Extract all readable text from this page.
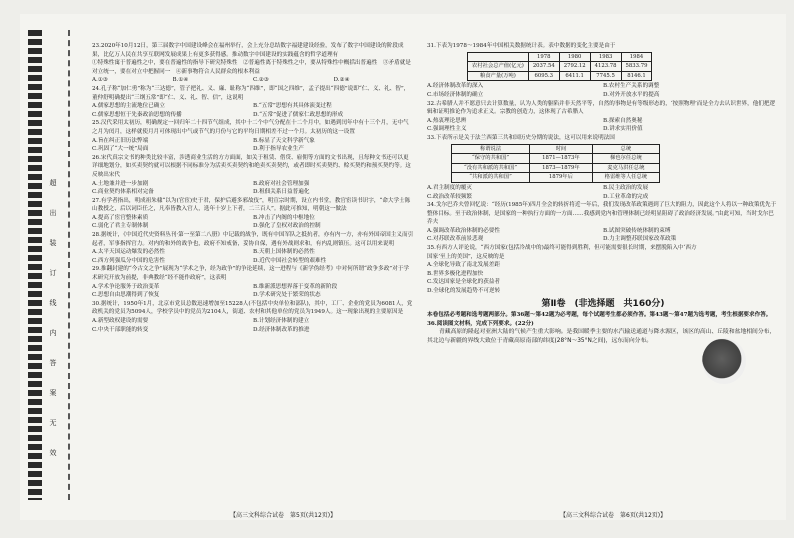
超
出
装
订
线
内
答
案
无
效
23.2020年10月12日，第三届数字中国建设峰会在福州举行，会上充分总结数字福建建设经验，发布了数字中国建设的阶段成果，比亿万人民在共享互联网发展成果上有更多获得感。推动数字中国建设的实践蕴含的哲学道理有
①特殊性寓于普遍性之中，要在普遍性的指导下研究特殊性　②普遍性离于特殊性之中，要从特殊性中概括出普遍性　③矛盾就是对立统一，要在对立中把握同一　④新事物符合人民群众的根本利益
A.①③	B.①④	C.②③	D.②④
24.孔子称“加仁勇”称为“三达德”，管子把礼、义、廉、耻称为“四维”，即“国之四维”，孟子提出“四德”说即“仁、义、礼、智”，董仲舒明确提出“三纲五常”即“仁、义、礼、智、信”，这说明
A.儒家思想的主流地位已确立	B.“五常”思想有其具体演变过程
C.儒家思想恒于先秦政治思想的传播	D.“五常”促进了儒家仁政思想的形成
25.汉代采用太初历，明确规定一回归年二十四节气组成，其中十二个中气分配在十二个月中，如遇到闰年中有十三个月，无中气之月为闰月，这样就使月月可体现出中气或节气的月份与它的平均日期相差不过一个月。太初历的这一设置
A.旨在纠正旧历法弊端	B.标显了天文科学新气象
C.巩固了“大一统”局面	D.利于指导农业生产
26.宋代真宗文书的种类比较丰富，涉透商业生活的方方面面，如关于租赁、借贷、雇佣等方面的文书出现，且每种文书还可以更详细地划分，如买卖契约就可以根据不同标准分为活卖买卖契约和绝卖买卖契约，或者即时买卖契约、赊买契约和预买契约等。这反映出宋代
A.土地兼并进一步加剧	B.政府对社会管理加强
C.商业契约体系相对完备	D.租佃关系日益普遍化
27.有学者指出，明成祖朱棣“以为(官宦)史于君，保护后避多邪故伎”，明宣宗时期，设立内书堂，教官宦读书识字，“命大学士陈山教授之，后以词臣任之，凡奉皆教入官人，选年十岁上下者，二三百人”。据此可推知，明朝这一做法
A.提高了宦官整体素质	B.冲击了内阁的中枢地位
C.弱化了君主专制体制	D.强化了皇权对政治的控制
28.据统计，《中国近代史资料丛刊·第一至第二八册》中记载的战争，既有中国军队之抵抗者，亦有内一方，亦有外国帝国主义而引起者，军事指挥官力。对内的和外的战争也，政府不知戒备，妥协自保，遇有外战则求和，有内乱则镇压。这可以用来说明
A.太平天国运动爆发的必然性	B.天朝上国体制的必然性
C.西方列强瓜分中国的危害性	D.近代中国社会转型的艰难性
29.推翻封建的“今古文之争”展现为“学术之争，经为政争”的争论延续，这一进程与《新学伪经考》中对何所谓“政争多政”对于学术研究开放为前提，非典教经“经不能作政府”，这表明
A.学术争论服务于政治变革	B.维新派思想界落于变革的新阶段
C.思想自由思潮得到了恢复	D.学术研究处于繁荣的状态
30.据统计，1950年1月，北京市党员总数迅速增加至15228人(不包括中央单位和部队)，其中，工厂、企业的党员为6081人，党政机关的党员为5094人，学校学员中的党员为2104人，街道、农村和其他单位的党员为1949人。这一现象出现的主要原因是
A.新型政权建设的需要	B.计划经济体制的建立
C.中央干部职能的转变	D.经济体制改革的推进
31.下表为1978～1984年中国相关数据统计表。表中数据的变化主要是由于
	1978	1980	1983	1984
农村社会总产值(亿元)	2037.54	2792.12	4123.78	5833.79
粮食产量(万吨)	6095.3	6411.1	7745.5	8146.1
A.经济体制改革的深入	B.农村生产关系的调整
C.市场经济体制的确立	D.对外开放水平的提高
32.古希腊人并不愿意只去计算数量，认为人类的躯陷并非天然平等，自然的事物是有等级形态的，‘按照物理’而是全力去认识世界，他们把逻辑和证明推论作为追求正义。宗教的创造力，这体现了古希腊人
A.热衷理论思辨	B.探索自然奥秘
C.强调理性主义	D.讲求实用价值
33.下表所示是关于法兰西第三共和国历史分期的说法，这可以用来说明法国
称谓说法	时间	总统
“保守的共和国”	1871—1873年	梯也尔任总统
“没有共和派的共和国”	1873—1879年	麦克马洪任总统
“共和派的共和国”	1879年后	格雷维等人任总统
A.君主制度的覆灭	B.民主政治的发展
C.政治改革较频繁	D.工业革命的完成
34.戈尔巴乔夫曾回忆说：“经历(1985年)四月全会的转折将近一年后，我们发现改革政策遇到了巨大的阻力，因此这个人将以一种政策优先于整体目标。至于政治体制，是国家的一种执行方面的一方面……我感到党内和管理体制已经明显阻碍了政治经济发展。”由此可知，当时戈尔巴乔夫
A.强调改革政治体制的必要性	B.试图突破传统体制的束缚
C.对苏联改革前景悲观	D.力主调整苏联国家改革政策
35.有西方人评论说，“西方国家(包括冷战中的)最终可能得到胜利，但可能需要很长时期，来摆脱陷入中‘西方国家’至上的美国”，这反映的是
A.全球化导致了南北发展差距
B.世界多极化进程加快
C.发达国家是全球化的获益者
D.全球化的发展趋势不可逆转
第Ⅱ卷　(非选择题　共160分)
本卷包括必考题和选考题两部分。第36题～第42题为必考题，每个试题考生都必须作答。第43题～第47题为选考题，考生根据要求作答。
36.阅读图文材料，完成下列要求。(22分)
青藏高原的隆起对亚洲大陆的气候产生重大影响。是我国暖季主要的水汽输送通道与降水源区，该区的高山、丘陵和盆地相间分布，其北边与新疆的界线大致位于青藏高原南部的纬度(28°N～35°N之间)，远东而向分布。
【高三文科综合试卷　第5页(共12页)】	【高三文科综合试卷　第6页(共12页)】
